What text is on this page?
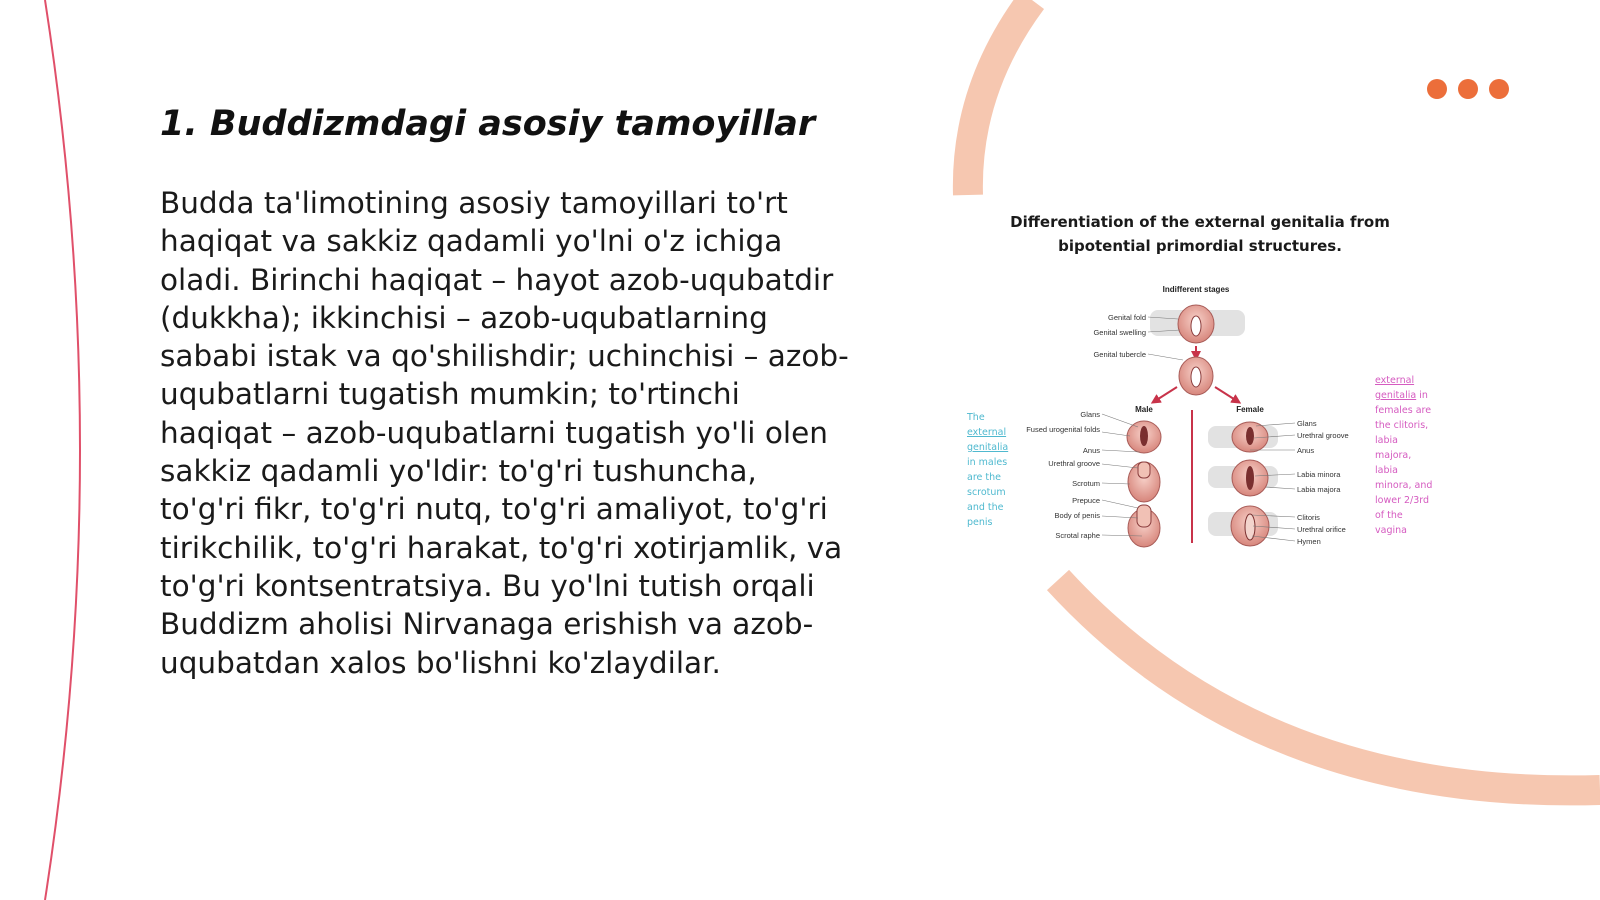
1. Buddizmdagi asosiy tamoyillar

Budda ta'limotining asosiy tamoyillari to'rt haqiqat va sakkiz qadamli yo'lni o'z ichiga oladi. Birinchi haqiqat – hayot azob-uqubatdir (dukkha); ikkinchisi – azob-uqubatlarning sababi istak va qo'shilishdir; uchinchisi – azob-uqubatlarni tugatish mumkin; to'rtinchi haqiqat – azob-uqubatlarni tugatish yo'li olen sakkiz qadamli yo'ldir: to'g'ri tushuncha, to'g'ri fikr, to'g'ri nutq, to'g'ri amaliyot, to'g'ri tirikchilik, to'g'ri harakat, to'g'ri xotirjamlik, va to'g'ri kontsentratsiya. Bu yo'lni tutish orqali Buddizm aholisi Nirvanaga erishish va azob-uqubatdan xalos bo'lishni ko'zlaydilar.

Differentiation of the external genitalia from
bipotential primordial structures.
Indifferent stages
Male	Female
Genital fold
Genital swelling
Genital tubercle
Glans
Fused urogenital folds
Anus
Urethral groove
Scrotum
Prepuce
Body of penis
Scrotal raphe
Glans
Urethral groove
Anus
Labia minora
Labia majora
Clitoris
Urethral orifice
Hymen
The external genitalia in males are the scrotum and the penis
external genitalia in females are the clitoris, labia majora, labia minora, and lower 2/3rd of the vagina
